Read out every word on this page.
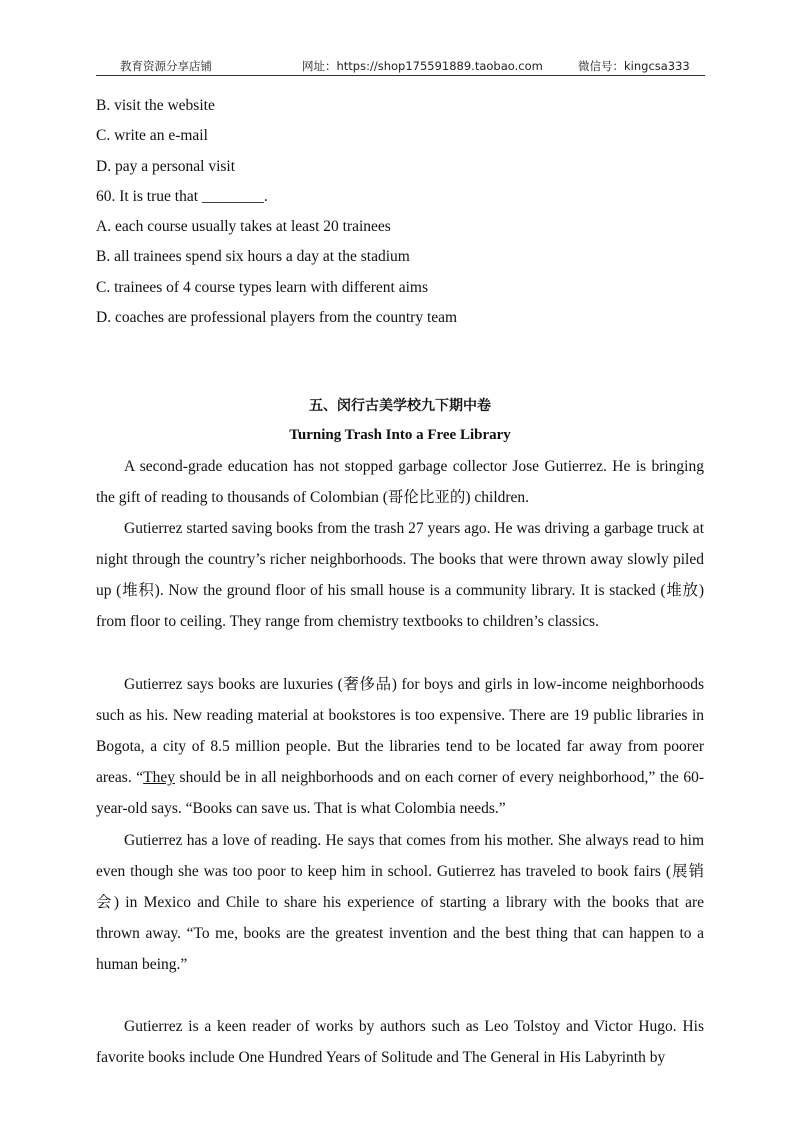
教育资源分享店铺	网址：https://shop175591889.taobao.com	微信号：kingcsa333
B. visit the website
C. write an e-mail
D. pay a personal visit
60. It is true that ________.
A. each course usually takes at least 20 trainees
B. all trainees spend six hours a day at the stadium
C. trainees of 4 course types learn with different aims
D. coaches are professional players from the country team
五、闵行古美学校九下期中卷
Turning Trash Into a Free Library

A second-grade education has not stopped garbage collector Jose Gutierrez. He is bringing the gift of reading to thousands of Colombian (哥伦比亚的) children.

Gutierrez started saving books from the trash 27 years ago. He was driving a garbage truck at night through the country’s richer neighborhoods. The books that were thrown away slowly piled up (堆积). Now the ground floor of his small house is a community library. It is stacked (堆放) from floor to ceiling. They range from chemistry textbooks to children’s classics.

Gutierrez says books are luxuries (奢侈品) for boys and girls in low-income neighborhoods such as his. New reading material at bookstores is too expensive. There are 19 public libraries in Bogota, a city of 8.5 million people. But the libraries tend to be located far away from poorer areas. “They should be in all neighborhoods and on each corner of every neighborhood,” the 60-year-old says. “Books can save us. That is what Colombia needs.”

Gutierrez has a love of reading. He says that comes from his mother. She always read to him even though she was too poor to keep him in school. Gutierrez has traveled to book fairs (展销会) in Mexico and Chile to share his experience of starting a library with the books that are thrown away. “To me, books are the greatest invention and the best thing that can happen to a human being.”

Gutierrez is a keen reader of works by authors such as Leo Tolstoy and Victor Hugo. His favorite books include One Hundred Years of Solitude and The General in His Labyrinth by
